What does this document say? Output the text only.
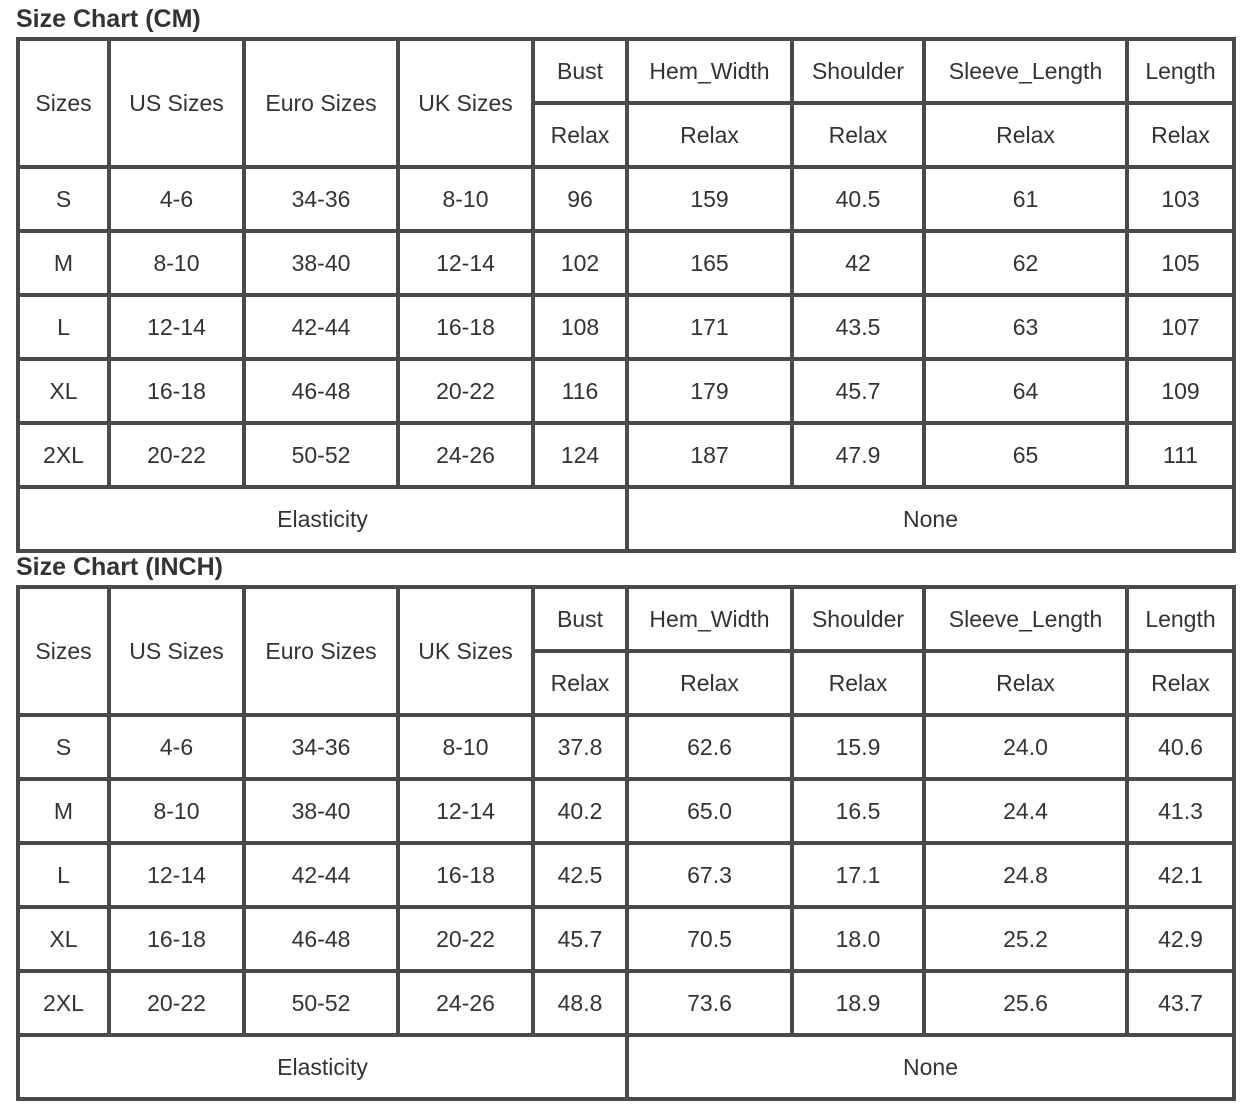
Size Chart (CM)
Sizes	US Sizes	Euro Sizes	UK Sizes	Bust	Hem_Width	Shoulder	Sleeve_Length	Length
				Relax	Relax	Relax	Relax	Relax
S	4-6	34-36	8-10	96	159	40.5	61	103
M	8-10	38-40	12-14	102	165	42	62	105
L	12-14	42-44	16-18	108	171	43.5	63	107
XL	16-18	46-48	20-22	116	179	45.7	64	109
2XL	20-22	50-52	24-26	124	187	47.9	65	111
Elasticity					None			
Size Chart (INCH)
Sizes	US Sizes	Euro Sizes	UK Sizes	Bust	Hem_Width	Shoulder	Sleeve_Length	Length
				Relax	Relax	Relax	Relax	Relax
S	4-6	34-36	8-10	37.8	62.6	15.9	24.0	40.6
M	8-10	38-40	12-14	40.2	65.0	16.5	24.4	41.3
L	12-14	42-44	16-18	42.5	67.3	17.1	24.8	42.1
XL	16-18	46-48	20-22	45.7	70.5	18.0	25.2	42.9
2XL	20-22	50-52	24-26	48.8	73.6	18.9	25.6	43.7
Elasticity					None			
